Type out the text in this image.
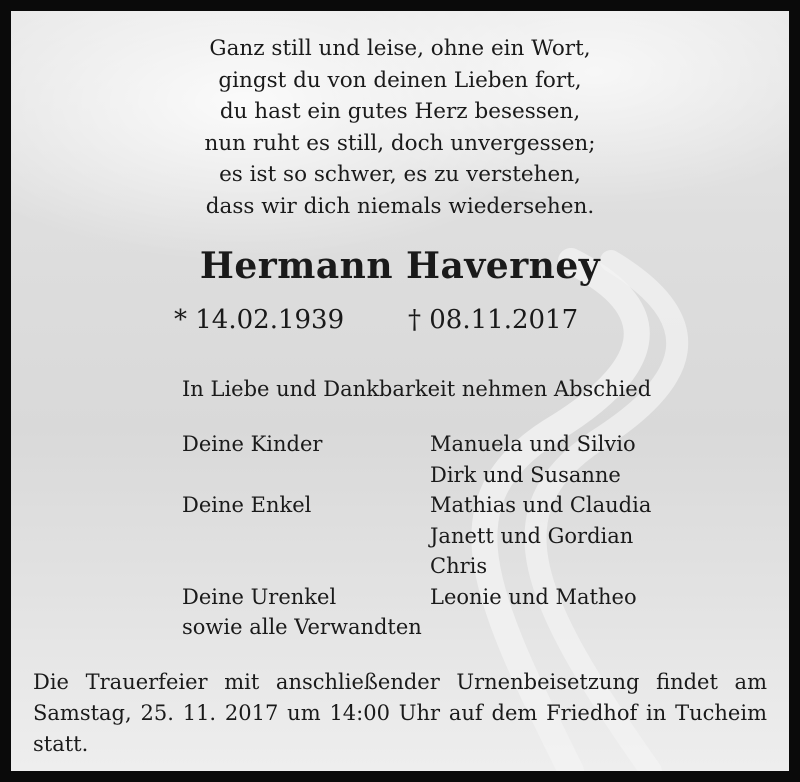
Ganz still und leise, ohne ein Wort,
gingst du von deinen Lieben fort,
du hast ein gutes Herz besessen,
nun ruht es still, doch unvergessen;
es ist so schwer, es zu verstehen,
dass wir dich niemals wiedersehen.
Hermann Haverney
* 14.02.1939 † 08.11.2017
In Liebe und Dankbarkeit nehmen Abschied
Deine Kinder	Manuela und Silvio
Dirk und Susanne
Deine Enkel	Mathias und Claudia
Janett und Gordian
Chris
Deine Urenkel	Leonie und Matheo
sowie alle Verwandten
Die Trauerfeier mit anschließender Urnenbeisetzung findet am Samstag, 25. 11. 2017 um 14:00 Uhr auf dem Friedhof in Tucheim statt.
